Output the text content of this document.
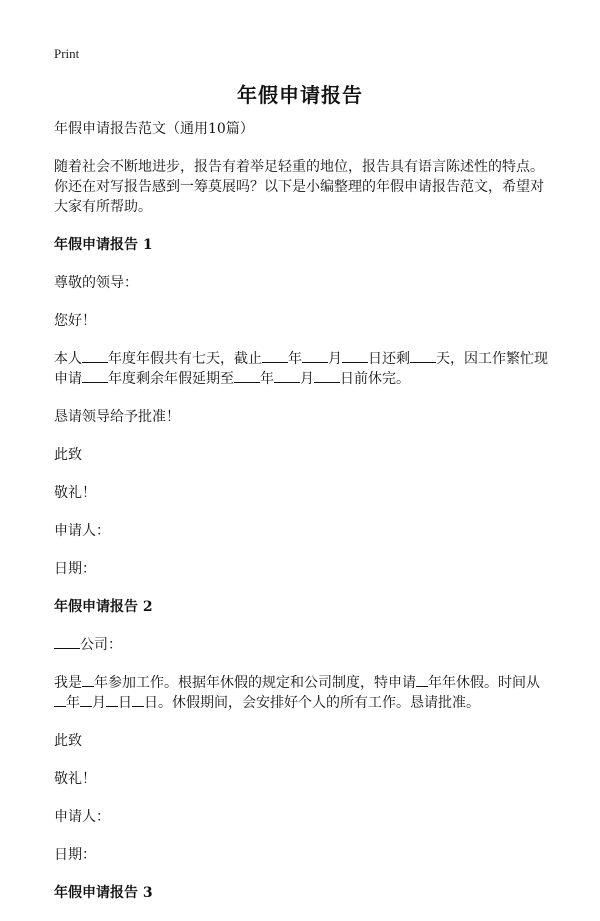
Print
年假申请报告

年假申请报告范文（通用10篇）

随着社会不断地进步，报告有着举足轻重的地位，报告具有语言陈述性的特点。你还在对写报告感到一筹莫展吗？以下是小编整理的年假申请报告范文，希望对大家有所帮助。

年假申请报告 1

尊敬的领导：

您好！

本人 年度年假共有七天，截止 年 月 日还剩 天，因工作繁忙现申请 年度剩余年假延期至 年 月 日前休完。

恳请领导给予批准！

此致

敬礼！

申请人：

日期：

年假申请报告 2

公司：

我是 年参加工作。根据年休假的规定和公司制度，特申请 年年休假。时间从年 月 日 日。休假期间，会安排好个人的所有工作。恳请批准。

此致

敬礼！

申请人：

日期：

年假申请报告 3
